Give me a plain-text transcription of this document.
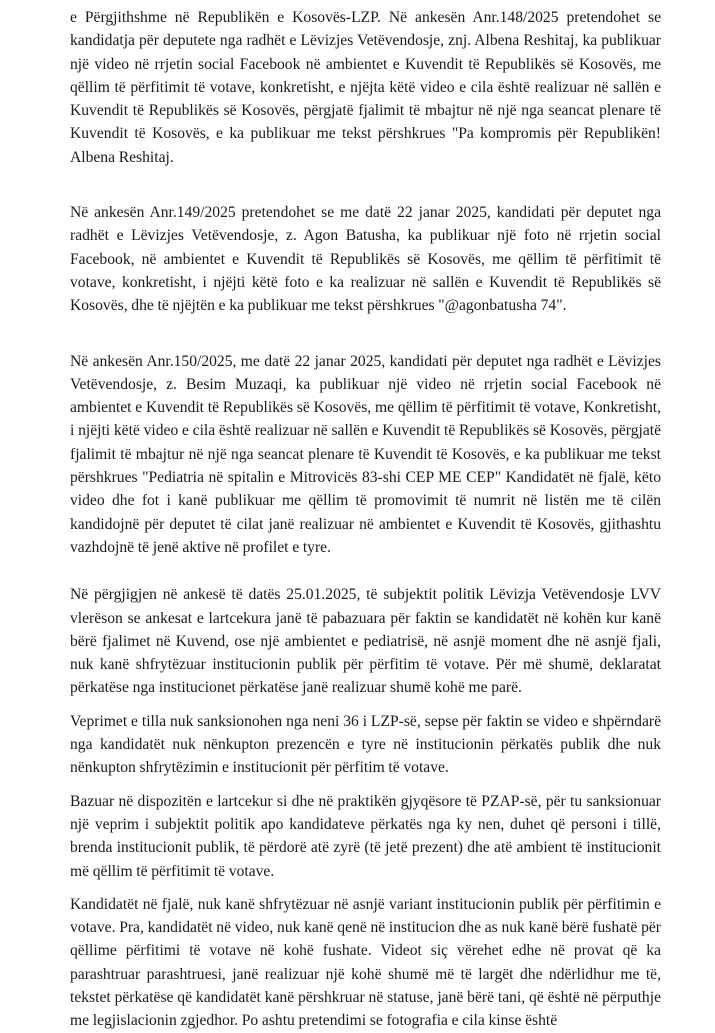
e Përgjithshme në Republikën e Kosovës-LZP. Në ankesën Anr.148/2025 pretendohet se kandidatja për deputete nga radhët e Lëvizjes Vetëvendosje, znj. Albena Reshitaj, ka publikuar një video në rrjetin social Facebook në ambientet e Kuvendit të Republikës së Kosovës, me qëllim të përfitimit të votave, konkretisht, e njëjta këtë video e cila është realizuar në sallën e Kuvendit të Republikës së Kosovës, përgjatë fjalimit të mbajtur në një nga seancat plenare të Kuvendit të Kosovës, e ka publikuar me tekst përshkrues "Pa kompromis për Republikën! Albena Reshitaj.

Në ankesën Anr.149/2025 pretendohet se me datë 22 janar 2025, kandidati për deputet nga radhët e Lëvizjes Vetëvendosje, z. Agon Batusha, ka publikuar një foto në rrjetin social Facebook, në ambientet e Kuvendit të Republikës së Kosovës, me qëllim të përfitimit të votave, konkretisht, i njëjti këtë foto e ka realizuar në sallën e Kuvendit të Republikës së Kosovës, dhe të njëjtën e ka publikuar me tekst përshkrues "@agonbatusha 74".

Në ankesën Anr.150/2025, me datë 22 janar 2025, kandidati për deputet nga radhët e Lëvizjes Vetëvendosje, z. Besim Muzaqi, ka publikuar një video në rrjetin social Facebook në ambientet e Kuvendit të Republikës së Kosovës, me qëllim të përfitimit të votave, Konkretisht, i njëjti këtë video e cila është realizuar në sallën e Kuvendit të Republikës së Kosovës, përgjatë fjalimit të mbajtur në një nga seancat plenare të Kuvendit të Kosovës, e ka publikuar me tekst përshkrues "Pediatria në spitalin e Mitrovicës 83-shi CEP ME CEP" Kandidatët në fjalë, këto video dhe fot i kanë publikuar me qëllim të promovimit të numrit në listën me të cilën kandidojnë për deputet të cilat janë realizuar në ambientet e Kuvendit të Kosovës, gjithashtu vazhdojnë të jenë aktive në profilet e tyre.

Në përgjigjen në ankesë të datës 25.01.2025, të subjektit politik Lëvizja Vetëvendosje LVV vlerëson se ankesat e lartcekura janë të pabazuara për faktin se kandidatët në kohën kur kanë bërë fjalimet në Kuvend, ose një ambientet e pediatrisë, në asnjë moment dhe në asnjë fjali, nuk kanë shfrytëzuar institucionin publik për përfitim të votave. Për më shumë, deklaratat përkatëse nga institucionet përkatëse janë realizuar shumë kohë me parë.

Veprimet e tilla nuk sanksionohen nga neni 36 i LZP-së, sepse për faktin se video e shpërndarë nga kandidatët nuk nënkupton prezencën e tyre në institucionin përkatës publik dhe nuk nënkupton shfrytëzimin e institucionit për përfitim të votave.

Bazuar në dispozitën e lartcekur si dhe në praktikën gjyqësore të PZAP-së, për tu sanksionuar një veprim i subjektit politik apo kandidateve përkatës nga ky nen, duhet që personi i tillë, brenda institucionit publik, të përdorë atë zyrë (të jetë prezent) dhe atë ambient të institucionit më qëllim të përfitimit të votave.

Kandidatët në fjalë, nuk kanë shfrytëzuar në asnjë variant institucionin publik për përfitimin e votave. Pra, kandidatët në video, nuk kanë qenë në institucion dhe as nuk kanë bërë fushatë për qëllime përfitimi të votave në kohë fushate. Videot siç vërehet edhe në provat që ka parashtruar parashtruesi, janë realizuar një kohë shumë më të largët dhe ndërlidhur me të, tekstet përkatëse që kandidatët kanë përshkruar në statuse, janë bërë tani, që është në përputhje me legjislacionin zgjedhor. Po ashtu pretendimi se fotografia e cila kinse është
